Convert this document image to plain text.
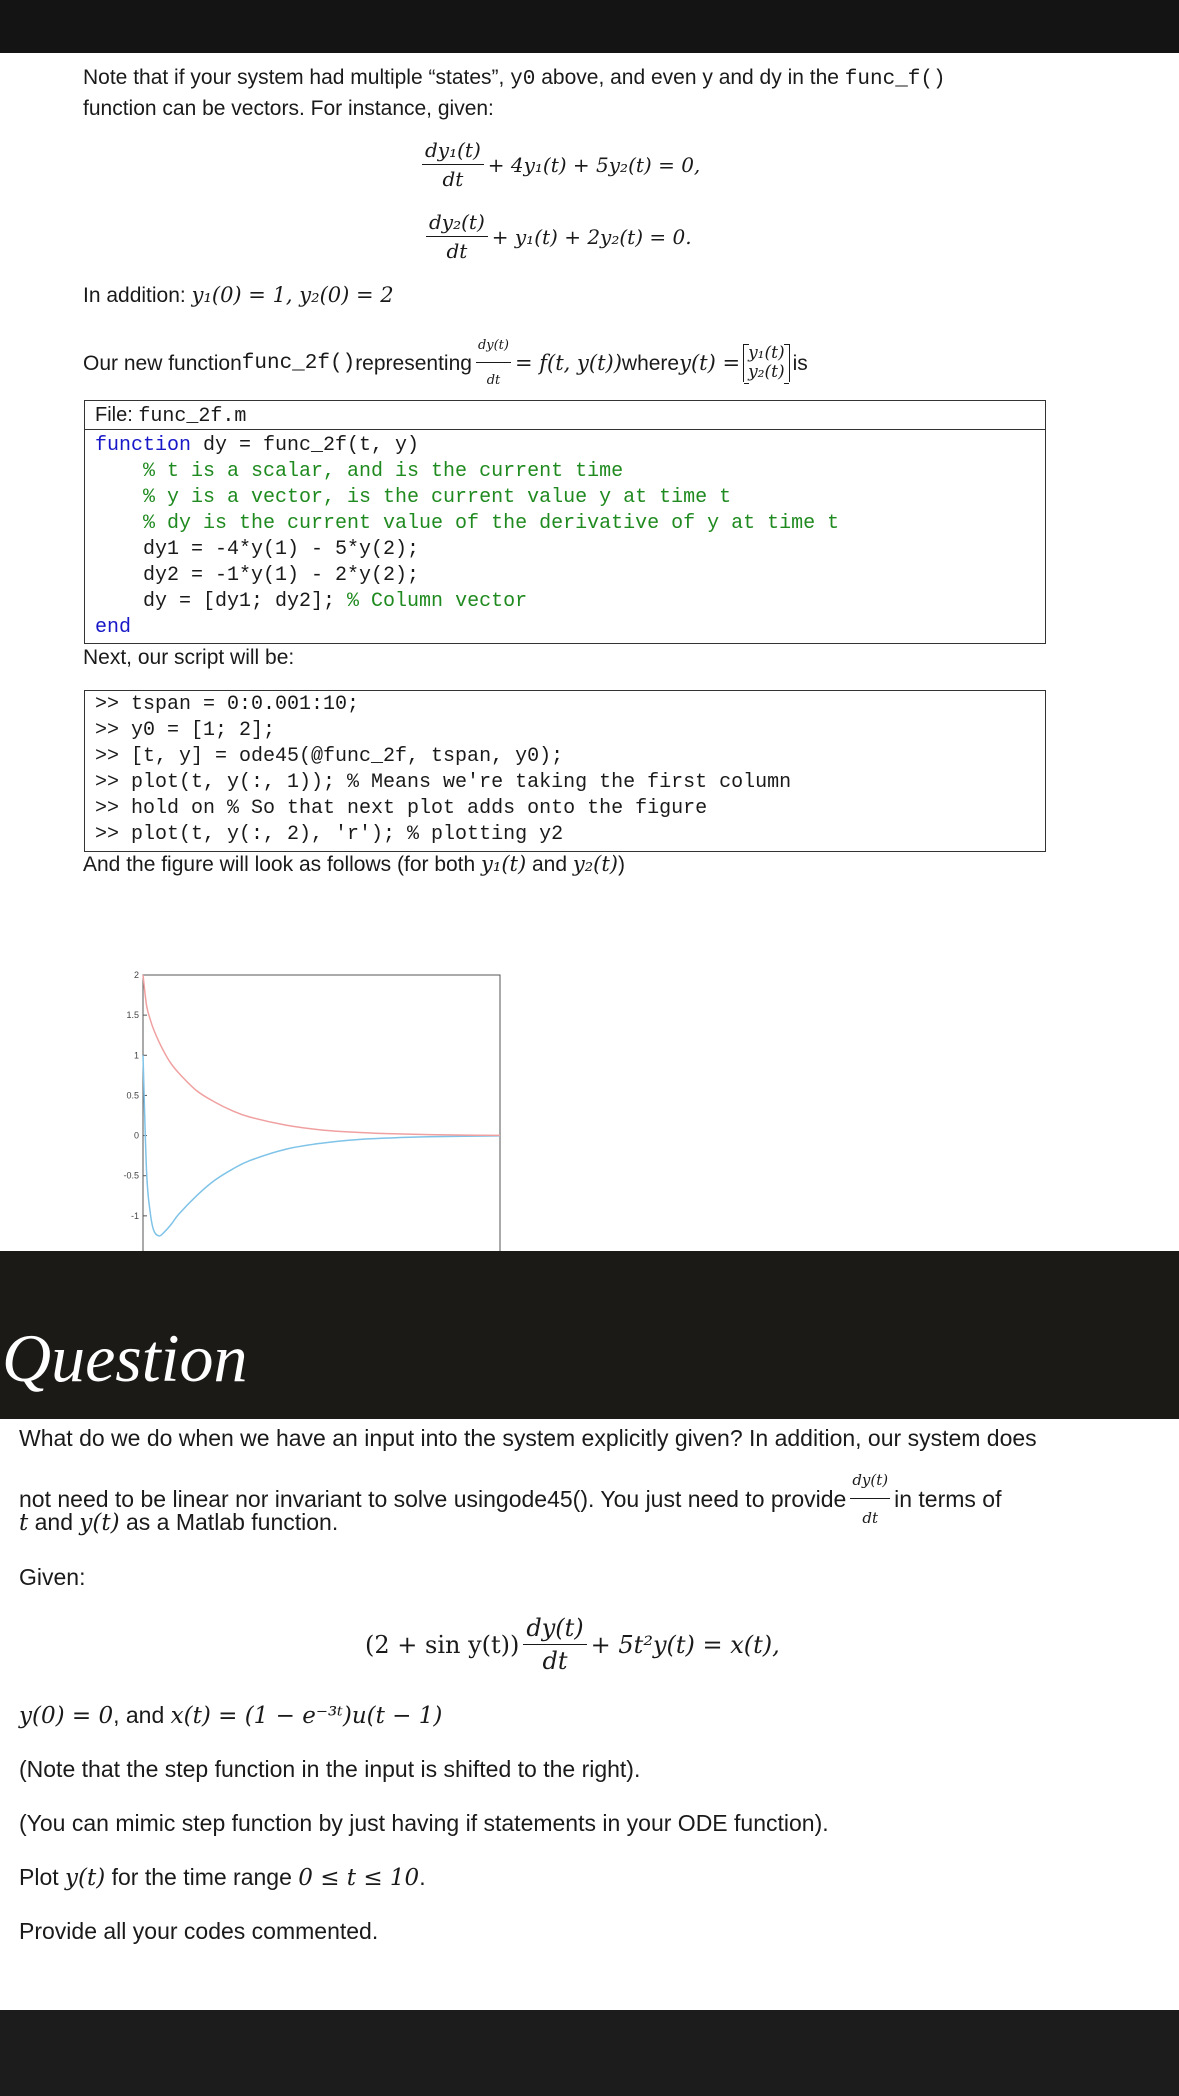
Note that if your system had multiple “states”, y0 above, and even y and dy in the func_f()
function can be vectors. For instance, given:
$\frac{\text{dy₁(t)}}{dt} + 4y_1(t) + 5y_2(t) = 0$,
$\frac{\text{dy₂(t)}}{dt} + y_1(t) + 2y_2(t) = 0$.
In addition: y₁(0) = 1, y₂(0) = 2
Our new function func_2f() representing $\frac{dy(t)}{dt} = f(t$, y(t)) where y(t) = y₁(t)
y₂(t) is
File: func_2f.m
function dy = func_2f(t, y)
% t is a scalar, and is the current time
% y is a vector, is the current value y at time t
% dy is the current value of the derivative of y at time t
dy1 = -4*y(1) - 5*y(2);
dy2 = -1*y(1) - 2*y(2);
dy = [dy1; dy2]; % Column vector
end
Next, our script will be:
>> tspan = 0:0.001:10;
>> y0 = [1; 2];
>> [t, y] = ode45(@func_2f, tspan, y0);
>> plot(t, y(:, 1)); % Means we're taking the first column
>> hold on % So that next plot adds onto the figure
>> plot(t, y(:, 2), 'r'); % plotting y2
And the figure will look as follows (for both y₁(t) and y₂(t))
2
1.5
1
0.5
0
-0.5
-1
Question
What do we do when we have an input into the system explicitly given? In addition, our system does
not need to be linear nor invariant to solve using ode45() . You just need to provide $\frac{dy(t)}{dt}$ in terms of
t and y(t) as a Matlab function.
Given:
$(2 + \sin y(t)) \frac{dy(t)}{dt} + 5t^2y(t) = x(t)$,
y(0) = 0, and x(t) = (1 − e⁻³ᵗ)u(t − 1)
(Note that the step function in the input is shifted to the right).
(You can mimic step function by just having if statements in your ODE function).
Plot y(t) for the time range 0 ≤ t ≤ 10.
Provide all your codes commented.
